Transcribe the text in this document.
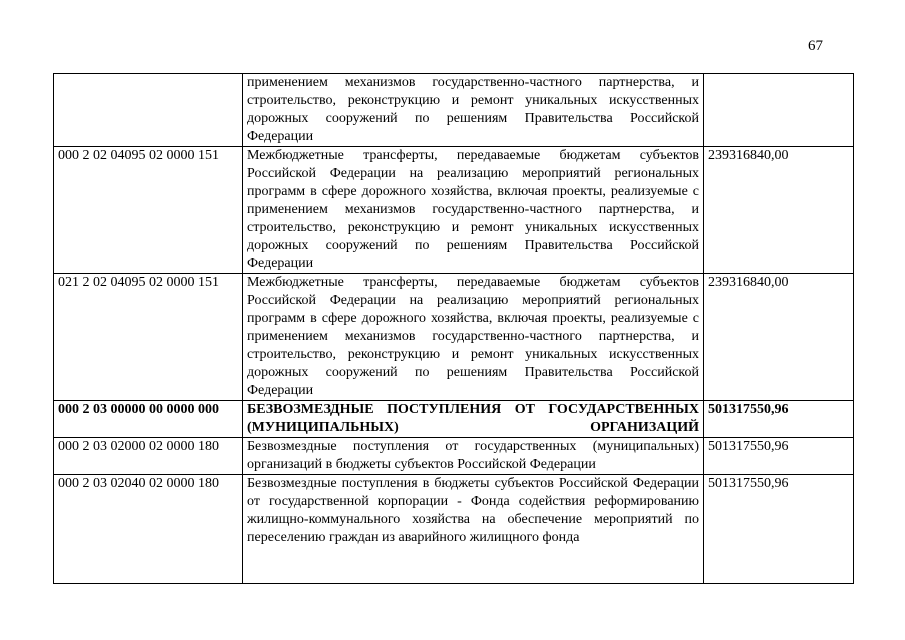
67

	применением механизмов государственно-частного партнерства, и строительство, реконструкцию и ремонт уникальных искусственных дорожных сооружений по решениям Правительства Российской Федерации	

000 2 02 04095 02 0000 151	Межбюджетные трансферты, передаваемые бюджетам субъектов Российской Федерации на реализацию мероприятий региональных программ в сфере дорожного хозяйства, включая проекты, реализуемые с применением механизмов государственно-частного партнерства, и строительство, реконструкцию и ремонт уникальных искусственных дорожных сооружений по решениям Правительства Российской Федерации	239316840,00
021 2 02 04095 02 0000 151	Межбюджетные трансферты, передаваемые бюджетам субъектов Российской Федерации на реализацию мероприятий региональных программ в сфере дорожного хозяйства, включая проекты, реализуемые с применением механизмов государственно-частного партнерства, и строительство, реконструкцию и ремонт уникальных искусственных дорожных сооружений по решениям Правительства Российской Федерации	239316840,00
000 2 03 00000 00 0000 000	БЕЗВОЗМЕЗДНЫЕ ПОСТУПЛЕНИЯ ОТ ГОСУДАРСТВЕННЫХ (МУНИЦИПАЛЬНЫХ) ОРГАНИЗАЦИЙ	501317550,96
000 2 03 02000 02 0000 180	Безвозмездные поступления от государственных (муниципальных) организаций в бюджеты субъектов Российской Федерации	501317550,96
000 2 03 02040 02 0000 180	Безвозмездные поступления в бюджеты субъектов Российской Федерации от государственной корпорации - Фонда содействия реформированию жилищно-коммунального хозяйства на обеспечение мероприятий по переселению граждан из аварийного жилищного фонда	501317550,96
